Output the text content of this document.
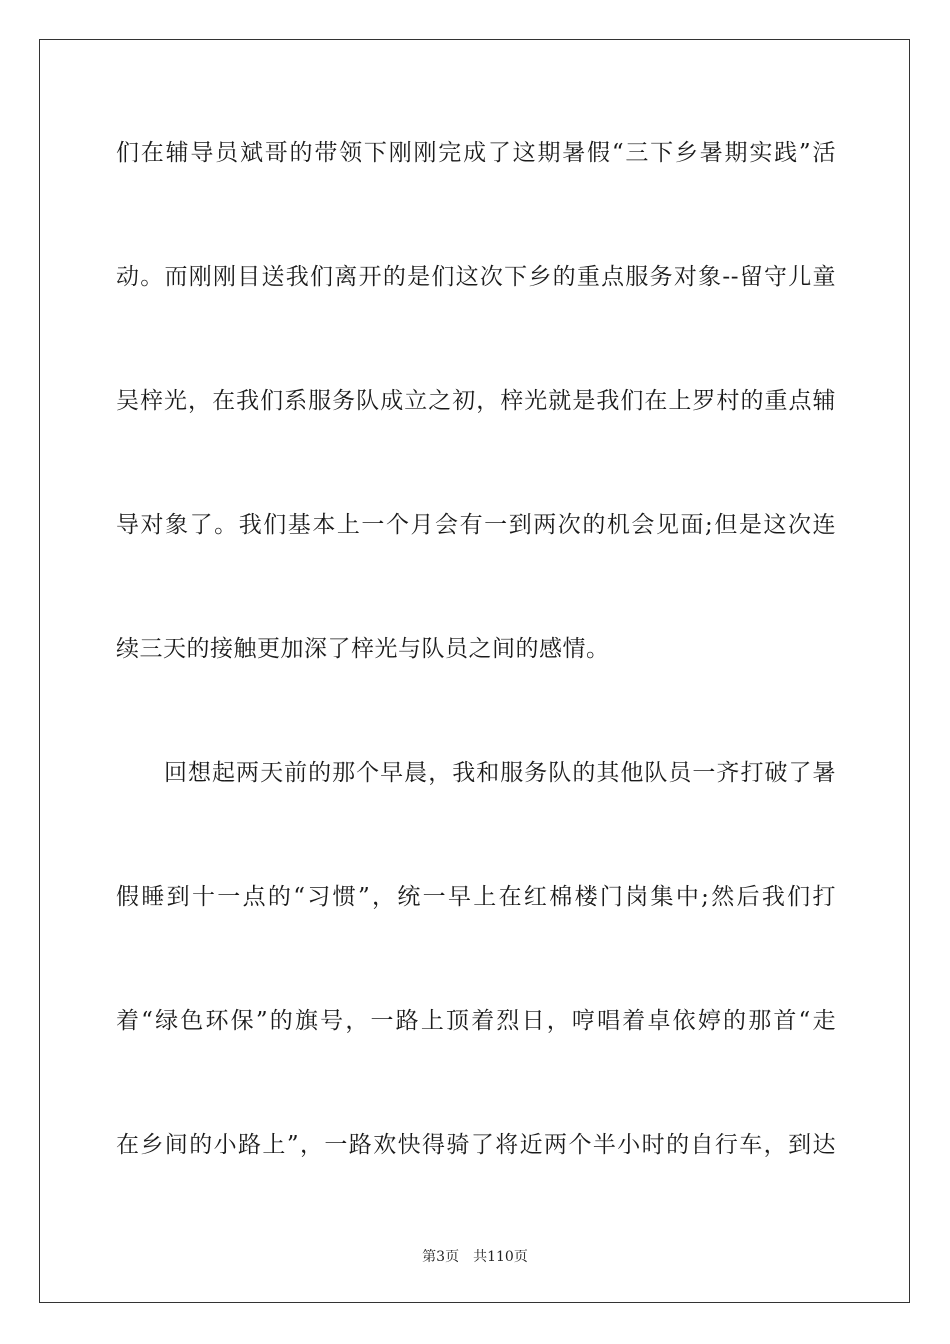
们在辅导员斌哥的带领下刚刚完成了这期暑假“三下乡暑期实践”活
动。而刚刚目送我们离开的是们这次下乡的重点服务对象--留守儿童
吴梓光，在我们系服务队成立之初，梓光就是我们在上罗村的重点辅
导对象了。我们基本上一个月会有一到两次的机会见面;但是这次连
续三天的接触更加深了梓光与队员之间的感情。
回想起两天前的那个早晨，我和服务队的其他队员一齐打破了暑
假睡到十一点的“习惯”，统一早上在红棉楼门岗集中;然后我们打
着“绿色环保”的旗号，一路上顶着烈日，哼唱着卓依婷的那首“走
在乡间的小路上”，一路欢快得骑了将近两个半小时的自行车，到达
第3页 共110页
